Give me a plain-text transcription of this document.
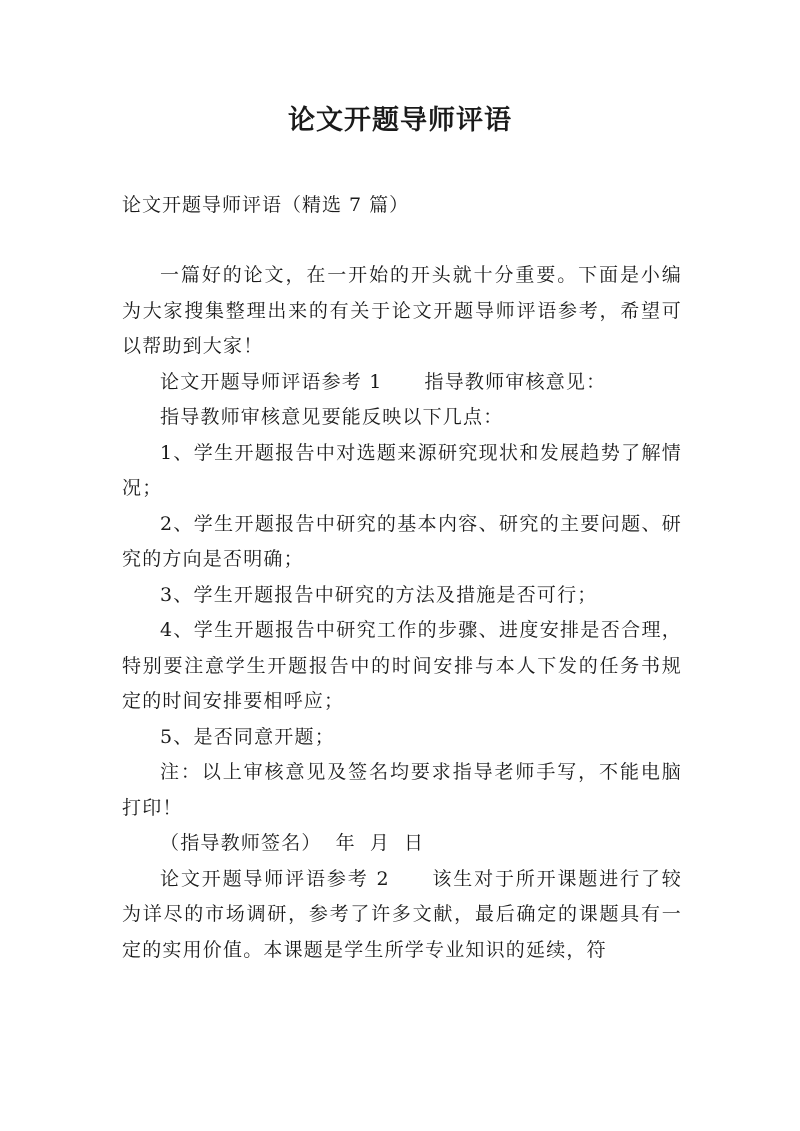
论文开题导师评语

论文开题导师评语（精选 7 篇）

一篇好的论文，在一开始的开头就十分重要。下面是小编为大家搜集整理出来的有关于论文开题导师评语参考，希望可以帮助到大家！

论文开题导师评语参考 1 指导教师审核意见：

指导教师审核意见要能反映以下几点：

1、学生开题报告中对选题来源研究现状和发展趋势了解情况；

2、学生开题报告中研究的基本内容、研究的主要问题、研究的方向是否明确；

3、学生开题报告中研究的方法及措施是否可行；

4、学生开题报告中研究工作的步骤、进度安排是否合理，特别要注意学生开题报告中的时间安排与本人下发的任务书规定的时间安排要相呼应；

5、是否同意开题；

注：以上审核意见及签名均要求指导老师手写，不能电脑打印！

（指导教师签名） 年 月 日

论文开题导师评语参考 2 该生对于所开课题进行了较为详尽的市场调研，参考了许多文献，最后确定的课题具有一定的实用价值。本课题是学生所学专业知识的延续，符
